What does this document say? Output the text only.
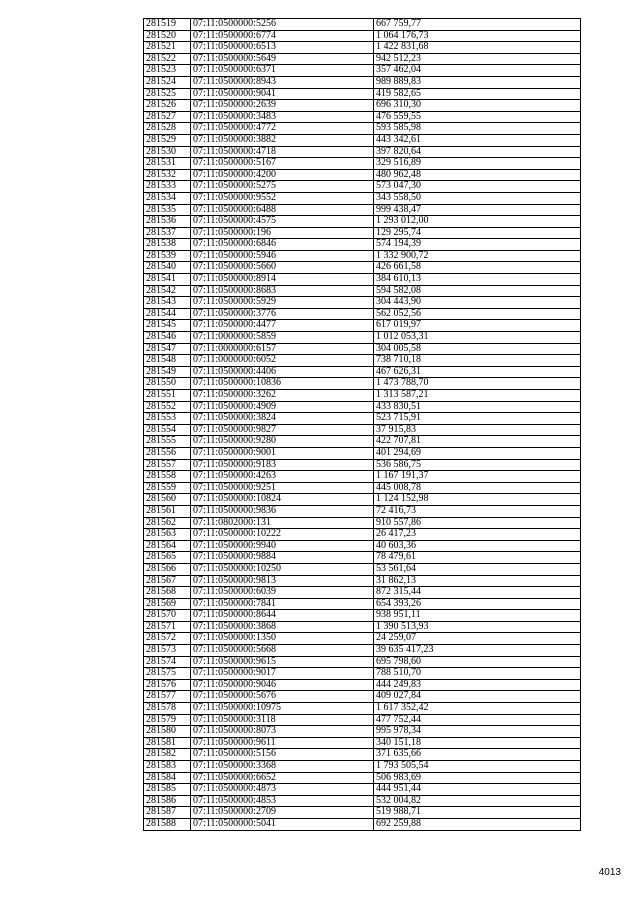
281519	07:11:0500000:5256	667 759,77
281520	07:11:0500000:6774	1 064 176,73
281521	07:11:0500000:6513	1 422 831,68
281522	07:11:0500000:5649	942 512,23
281523	07:11:0500000:6371	357 462,04
281524	07:11:0500000:8943	989 889,83
281525	07:11:0500000:9041	419 582,65
281526	07:11:0500000:2639	696 310,30
281527	07:11:0500000:3483	476 559,55
281528	07:11:0500000:4772	593 585,98
281529	07:11:0500000:3882	443 342,61
281530	07:11:0500000:4718	397 820,64
281531	07:11:0500000:5167	329 516,89
281532	07:11:0500000:4200	480 962,48
281533	07:11:0500000:5275	573 047,30
281534	07:11:0500000:9552	343 558,50
281535	07:11:0500000:6488	999 438,47
281536	07:11:0500000:4575	1 293 012,00
281537	07:11:0500000:196	129 295,74
281538	07:11:0500000:6846	574 194,39
281539	07:11:0500000:5946	1 332 900,72
281540	07:11:0500000:5660	426 661,58
281541	07:11:0500000:8914	384 610,13
281542	07:11:0500000:8683	594 582,08
281543	07:11:0500000:5929	304 443,90
281544	07:11:0500000:3776	562 052,56
281545	07:11:0500000:4477	617 019,97
281546	07:11:0000000:5859	1 012 053,31
281547	07:11:0000000:6157	304 005,58
281548	07:11:0000000:6052	738 710,18
281549	07:11:0500000:4406	467 626,31
281550	07:11:0500000:10836	1 473 788,70
281551	07:11:0500000:3262	1 313 587,21
281552	07:11:0500000:4909	433 830,51
281553	07:11:0500000:3824	523 715,91
281554	07:11:0500000:9827	37 915,83
281555	07:11:0500000:9280	422 707,81
281556	07:11:0500000:9001	401 294,69
281557	07:11:0500000:9183	536 586,75
281558	07:11:0500000:4263	1 167 191,37
281559	07:11:0500000:9251	445 008,78
281560	07:11:0500000:10824	1 124 152,98
281561	07:11:0500000:9836	72 416,73
281562	07:11:0802000:131	910 557,86
281563	07:11:0500000:10222	26 417,23
281564	07:11:0500000:9940	40 603,36
281565	07:11:0500000:9884	78 479,61
281566	07:11:0500000:10250	53 561,64
281567	07:11:0500000:9813	31 862,13
281568	07:11:0500000:6039	872 315,44
281569	07:11:0500000:7841	654 393,26
281570	07:11:0500000:8644	938 951,11
281571	07:11:0500000:3868	1 390 513,93
281572	07:11:0500000:1350	24 259,07
281573	07:11:0500000:5668	39 635 417,23
281574	07:11:0500000:9615	695 798,60
281575	07:11:0500000:9017	788 510,70
281576	07:11:0500000:9046	444 249,83
281577	07:11:0500000:5676	409 027,84
281578	07:11:0500000:10975	1 617 352,42
281579	07:11:0500000:3118	477 752,44
281580	07:11:0500000:8073	995 978,34
281581	07:11:0500000:9611	340 151,18
281582	07:11:0500000:5156	371 635,66
281583	07:11:0500000:3368	1 793 505,54
281584	07:11:0500000:6652	506 983,69
281585	07:11:0500000:4873	444 951,44
281586	07:11:0500000:4853	532 004,82
281587	07:11:0500000:2709	519 988,71
281588	07:11:0500000:5041	692 259,88
4013
